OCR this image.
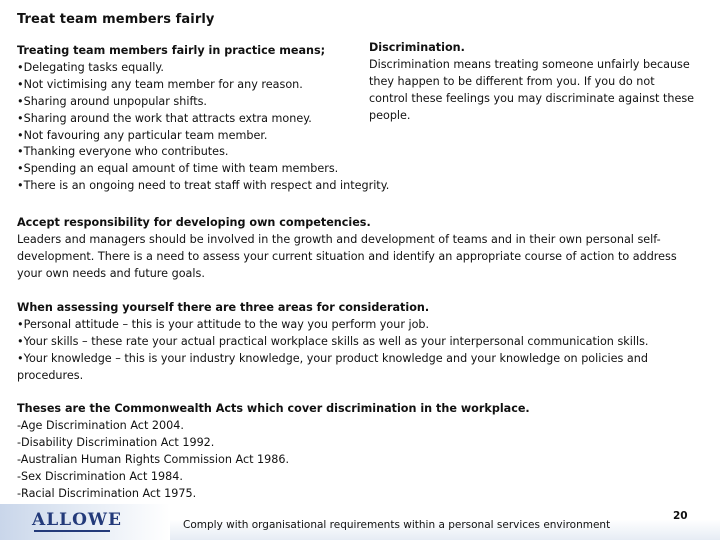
Treat team members fairly
Treating team members fairly in practice means;
•Delegating tasks equally.
•Not victimising any team member for any reason.
•Sharing around unpopular shifts.
•Sharing around the work that attracts extra money.
•Not favouring any particular team member.
•Thanking everyone who contributes.
•Spending an equal amount of time with team members.
•There is an ongoing need to treat staff with respect and integrity.
Discrimination.
Discrimination means treating someone unfairly because
they happen to be different from you. If you do not
control these feelings you may discriminate against these
people.
Accept responsibility for developing own competencies.
Leaders and managers should be involved in the growth and development of teams and in their own personal self-
development. There is a need to assess your current situation and identify an appropriate course of action to address
your own needs and future goals.
When assessing yourself there are three areas for consideration.
•Personal attitude – this is your attitude to the way you perform your job.
•Your skills – these rate your actual practical workplace skills as well as your interpersonal communication skills.
•Your knowledge – this is your industry knowledge, your product knowledge and your knowledge on policies and
procedures.
Theses are the Commonwealth Acts which cover discrimination in the workplace.
-Age Discrimination Act 2004.
-Disability Discrimination Act 1992.
-Australian Human Rights Commission Act 1986.
-Sex Discrimination Act 1984.
-Racial Discrimination Act 1975.
ALLOWE	Comply with organisational requirements within a personal services environment
20
